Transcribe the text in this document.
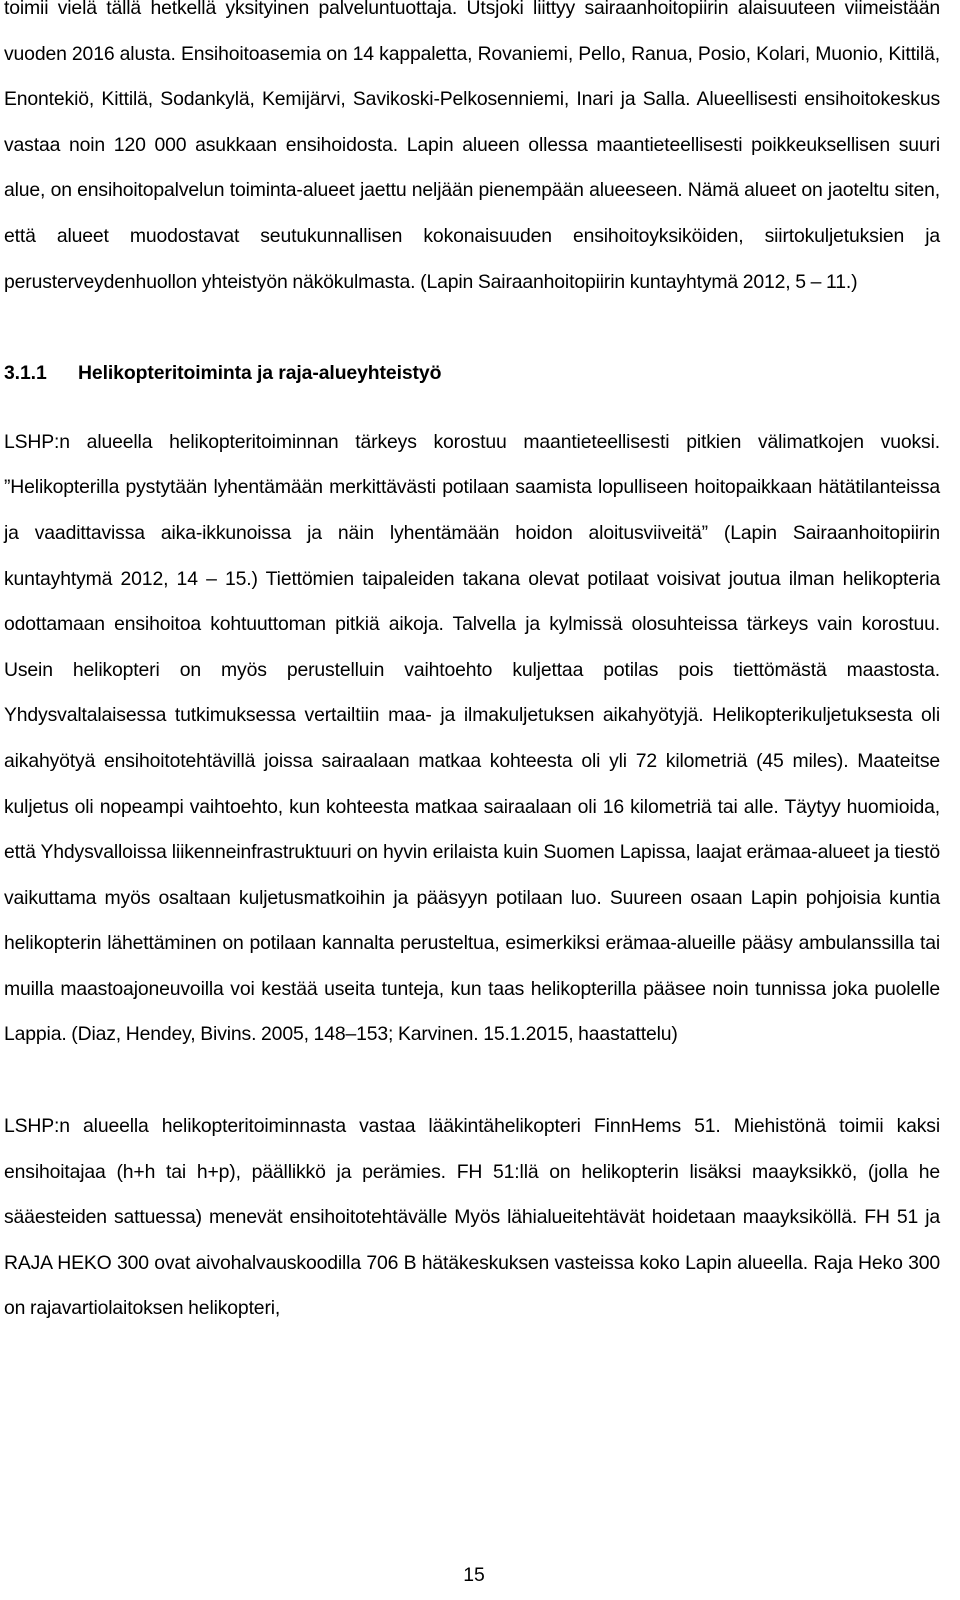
toimii vielä tällä hetkellä yksityinen palveluntuottaja. Utsjoki liittyy sairaanhoitopiirin alaisuuteen viimeistään vuoden 2016 alusta. Ensihoitoasemia on 14 kappaletta, Rovaniemi, Pello, Ranua, Posio, Kolari, Muonio, Kittilä, Enontekiö, Kittilä, Sodankylä, Kemijärvi, Savikoski-Pelkosenniemi, Inari ja Salla. Alueellisesti ensihoitokeskus vastaa noin 120 000 asukkaan ensihoidosta. Lapin alueen ollessa maantieteellisesti poikkeuksellisen suuri alue, on ensihoitopalvelun toiminta-alueet jaettu neljään pienempään alueeseen. Nämä alueet on jaoteltu siten, että alueet muodostavat seutukunnallisen kokonaisuuden ensihoitoyksiköiden, siirtokuljetuksien ja perusterveydenhuollon yhteistyön näkökulmasta. (Lapin Sairaanhoitopiirin kuntayhtymä 2012, 5 – 11.)

3.1.1 Helikopteritoiminta ja raja-alueyhteistyö

LSHP:n alueella helikopteritoiminnan tärkeys korostuu maantieteellisesti pitkien välimatkojen vuoksi. ”Helikopterilla pystytään lyhentämään merkittävästi potilaan saamista lopulliseen hoitopaikkaan hätätilanteissa ja vaadittavissa aika-ikkunoissa ja näin lyhentämään hoidon aloitusviiveitä” (Lapin Sairaanhoitopiirin kuntayhtymä 2012, 14 – 15.) Tiettömien taipaleiden takana olevat potilaat voisivat joutua ilman helikopteria odottamaan ensihoitoa kohtuuttoman pitkiä aikoja. Talvella ja kylmissä olosuhteissa tärkeys vain korostuu. Usein helikopteri on myös perustelluin vaihtoehto kuljettaa potilas pois tiettömästä maastosta. Yhdysvaltalaisessa tutkimuksessa vertailtiin maa- ja ilmakuljetuksen aikahyötyjä. Helikopterikuljetuksesta oli aikahyötyä ensihoitotehtävillä joissa sairaalaan matkaa kohteesta oli yli 72 kilometriä (45 miles). Maateitse kuljetus oli nopeampi vaihtoehto, kun kohteesta matkaa sairaalaan oli 16 kilometriä tai alle. Täytyy huomioida, että Yhdysvalloissa liikenneinfrastruktuuri on hyvin erilaista kuin Suomen Lapissa, laajat erämaa-alueet ja tiestö vaikuttama myös osaltaan kuljetusmatkoihin ja pääsyyn potilaan luo. Suureen osaan Lapin pohjoisia kuntia helikopterin lähettäminen on potilaan kannalta perusteltua, esimerkiksi erämaa-alueille pääsy ambulanssilla tai muilla maastoajoneuvoilla voi kestää useita tunteja, kun taas helikopterilla pääsee noin tunnissa joka puolelle Lappia. (Diaz, Hendey, Bivins. 2005, 148–153; Karvinen. 15.1.2015, haastattelu)

LSHP:n alueella helikopteritoiminnasta vastaa lääkintähelikopteri FinnHems 51. Miehistönä toimii kaksi ensihoitajaa (h+h tai h+p), päällikkö ja perämies. FH 51:llä on helikopterin lisäksi maayksikkö, (jolla he sääesteiden sattuessa) menevät ensihoitotehtävälle Myös lähialueitehtävät hoidetaan maayksiköllä. FH 51 ja RAJA HEKO 300 ovat aivohalvauskoodilla 706 B hätäkeskuksen vasteissa koko Lapin alueella. Raja Heko 300 on rajavartiolaitoksen helikopteri,

15
